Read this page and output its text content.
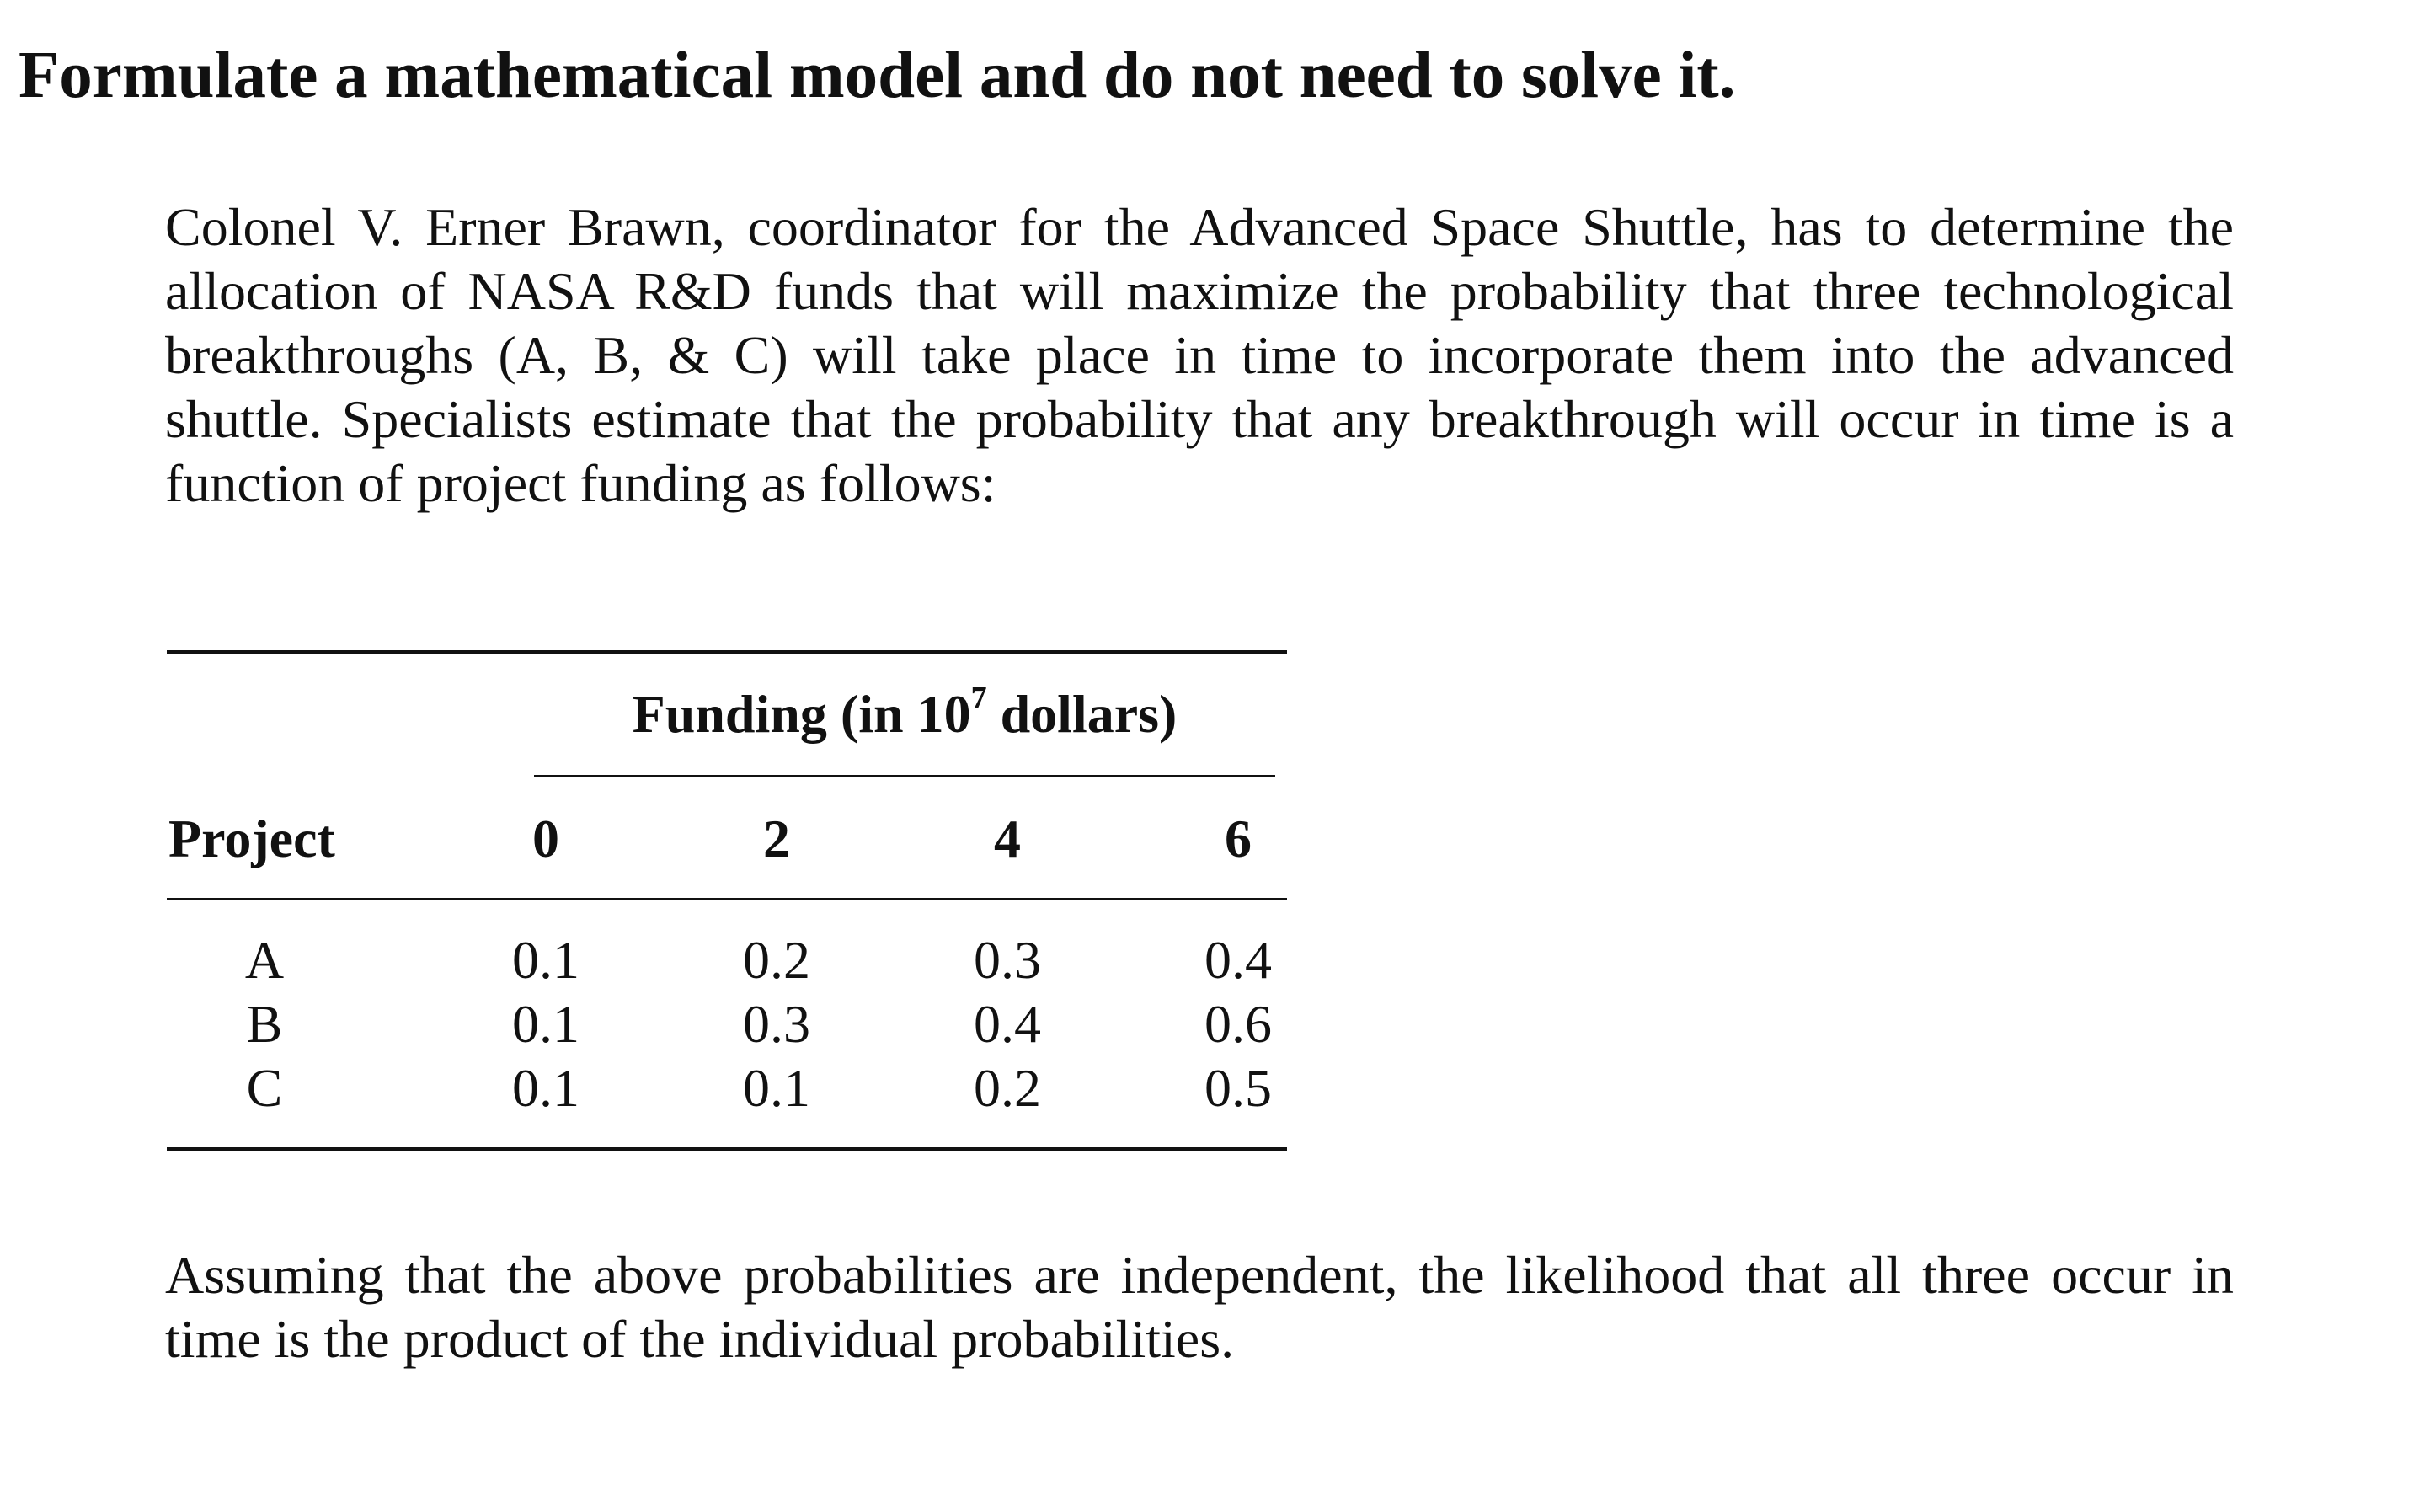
Formulate a mathematical model and do not need to solve it.

Colonel V. Erner Brawn, coordinator for the Advanced Space Shuttle, has to determine the allocation of NASA R&D funds that will maximize the probability that three technological breakthroughs (A, B, & C) will take place in time to incorporate them into the advanced shuttle. Specialists estimate that the probability that any breakthrough will occur in time is a function of project funding as follows:

Funding (in $10^7$ dollars)
Project	0	2	4	6
A	0.1	0.2	0.3	0.4
B	0.1	0.3	0.4	0.6
C	0.1	0.1	0.2	0.5

Assuming that the above probabilities are independent, the likelihood that all three occur in time is the product of the individual probabilities.
